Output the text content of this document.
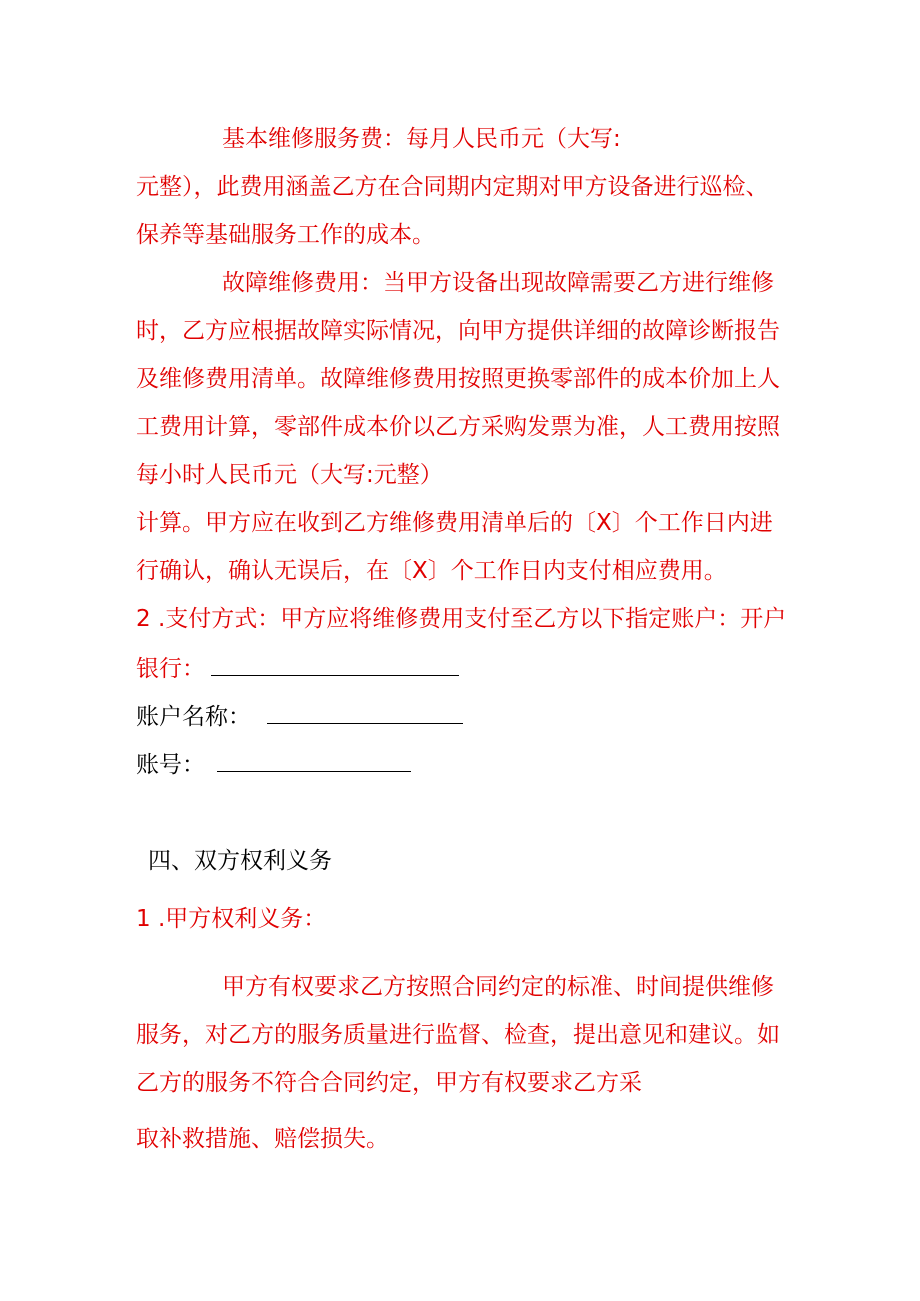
基本维修服务费：每月人民币元（大写:
元整），此费用涵盖乙方在合同期内定期对甲方设备进行巡检、
保养等基础服务工作的成本。
故障维修费用：当甲方设备出现故障需要乙方进行维修
时，乙方应根据故障实际情况，向甲方提供详细的故障诊断报告
及维修费用清单。故障维修费用按照更换零部件的成本价加上人
工费用计算，零部件成本价以乙方采购发票为准，人工费用按照
每小时人民币元（大写:元整）
计算。甲方应在收到乙方维修费用清单后的〔X〕个工作日内进
行确认，确认无误后，在〔X〕个工作日内支付相应费用。
2 .支付方式：甲方应将维修费用支付至乙方以下指定账户：开户
银行：
账户名称：
账号：
四、双方权利义务
1 .甲方权利义务：
甲方有权要求乙方按照合同约定的标准、时间提供维修
服务，对乙方的服务质量进行监督、检查，提出意见和建议。如
乙方的服务不符合合同约定，甲方有权要求乙方采
取补救措施、赔偿损失。
